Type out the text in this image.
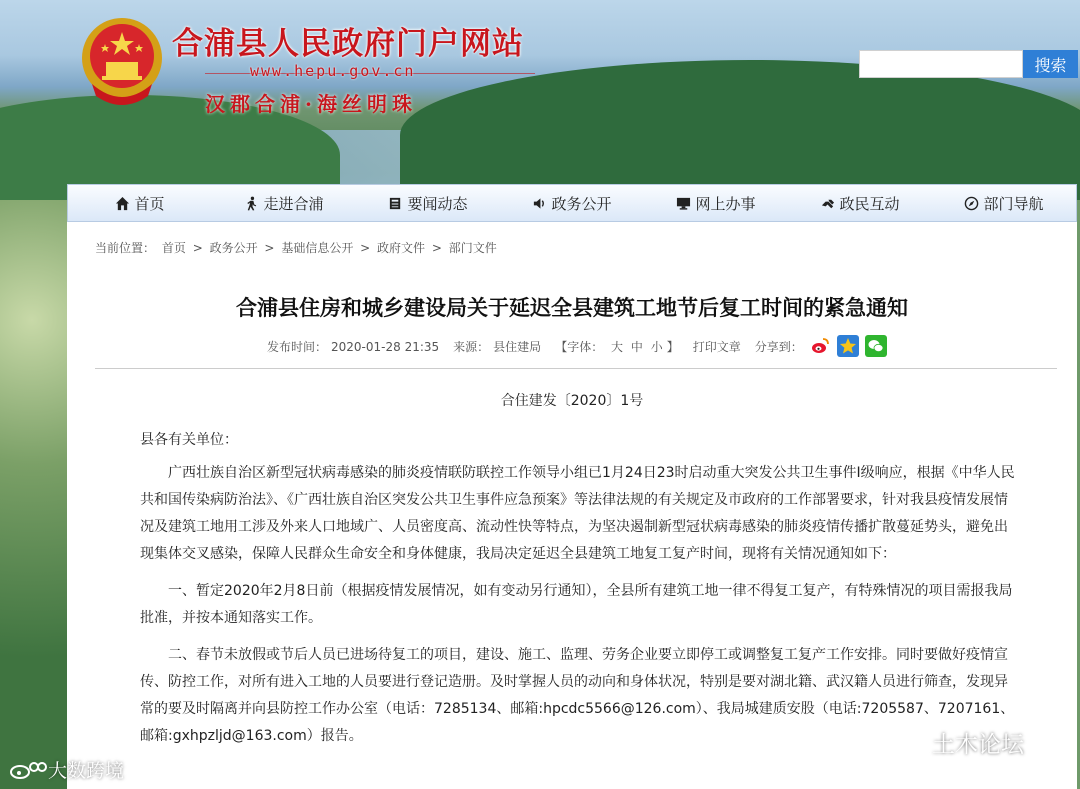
合浦县人民政府门户网站
www.hepu.gov.cn
汉郡合浦·海丝明珠
搜索
首页	走进合浦	要闻动态	政务公开	网上办事	政民互动	部门导航
当前位置： 首页 > 政务公开 > 基础信息公开 > 政府文件 > 部门文件
合浦县住房和城乡建设局关于延迟全县建筑工地节后复工时间的紧急通知
发布时间： 2020-01-28 21:35 来源： 县住建局 【字体： 大 中 小 】 打印文章 分享到：
合住建发〔2020〕1号
县各有关单位：

广西壮族自治区新型冠状病毒感染的肺炎疫情联防联控工作领导小组已1月24日23时启动重大突发公共卫生事件Ⅰ级响应，根据《中华人民共和国传染病防治法》、《广西壮族自治区突发公共卫生事件应急预案》等法律法规的有关规定及市政府的工作部署要求，针对我县疫情发展情况及建筑工地用工涉及外来人口地域广、人员密度高、流动性快等特点，为坚决遏制新型冠状病毒感染的肺炎疫情传播扩散蔓延势头，避免出现集体交叉感染，保障人民群众生命安全和身体健康，我局决定延迟全县建筑工地复工复产时间，现将有关情况通知如下：

一、暂定2020年2月8日前（根据疫情发展情况，如有变动另行通知），全县所有建筑工地一律不得复工复产，有特殊情况的项目需报我局批准，并按本通知落实工作。

二、春节未放假或节后人员已进场待复工的项目，建设、施工、监理、劳务企业要立即停工或调整复工复产工作安排。同时要做好疫情宣传、防控工作，对所有进入工地的人员要进行登记造册。及时掌握人员的动向和身体状况，特别是要对湖北籍、武汉籍人员进行筛查，发现异常的要及时隔离并向县防控工作办公室（电话：7285134、邮箱:hpcdc5566@126.com）、我局城建质安股（电话:7205587、7207161、邮箱:gxhpzljd@163.com）报告。

大数跨境
土木论坛
